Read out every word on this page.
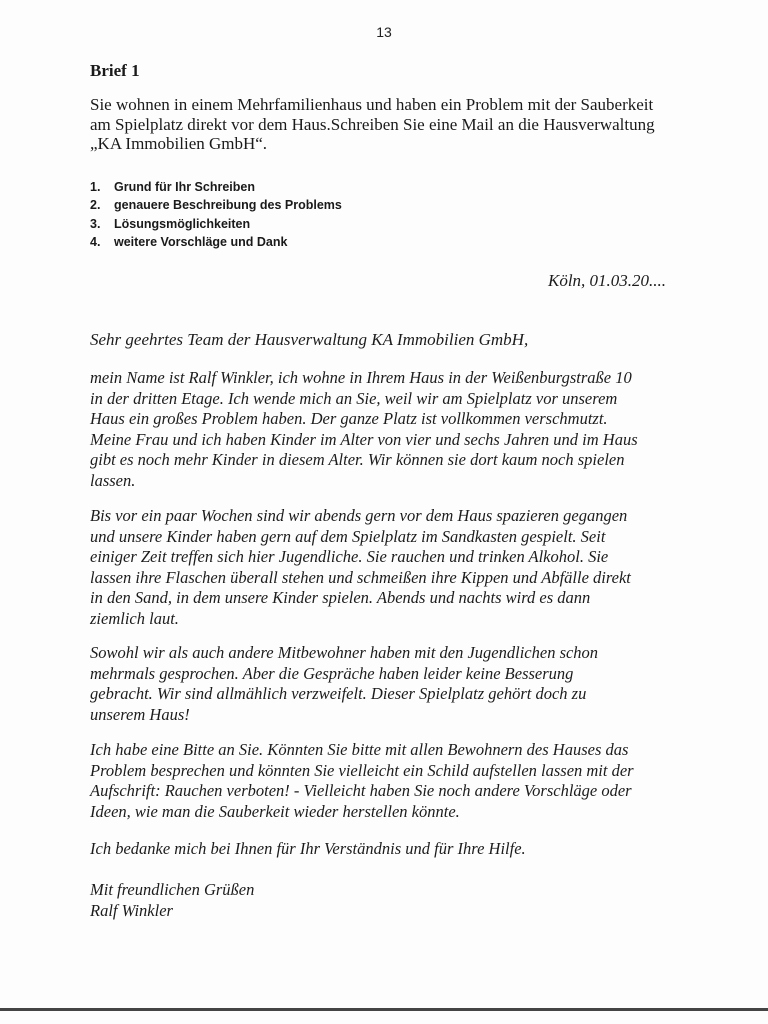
13
Brief 1

Sie wohnen in einem Mehrfamilienhaus und haben ein Problem mit der Sauberkeit

am Spielplatz direkt vor dem Haus.Schreiben Sie eine Mail an die Hausverwaltung

„KA Immobilien GmbH“.

1.	Grund für Ihr Schreiben
2.	genauere Beschreibung des Problems
3.	Lösungsmöglichkeiten
4.	weitere Vorschläge und Dank
Köln, 01.03.20....
Sehr geehrtes Team der Hausverwaltung KA Immobilien GmbH,
mein Name ist Ralf Winkler, ich wohne in Ihrem Haus in der Weißenburgstraße 10
in der dritten Etage. Ich wende mich an Sie, weil wir am Spielplatz vor unserem
Haus ein großes Problem haben. Der ganze Platz ist vollkommen verschmutzt.
Meine Frau und ich haben Kinder im Alter von vier und sechs Jahren und im Haus
gibt es noch mehr Kinder in diesem Alter. Wir können sie dort kaum noch spielen
lassen.
Bis vor ein paar Wochen sind wir abends gern vor dem Haus spazieren gegangen
und unsere Kinder haben gern auf dem Spielplatz im Sandkasten gespielt. Seit
einiger Zeit treffen sich hier Jugendliche. Sie rauchen und trinken Alkohol. Sie
lassen ihre Flaschen überall stehen und schmeißen ihre Kippen und Abfälle direkt
in den Sand, in dem unsere Kinder spielen. Abends und nachts wird es dann
ziemlich laut.
Sowohl wir als auch andere Mitbewohner haben mit den Jugendlichen schon
mehrmals gesprochen. Aber die Gespräche haben leider keine Besserung
gebracht. Wir sind allmählich verzweifelt. Dieser Spielplatz gehört doch zu
unserem Haus!
Ich habe eine Bitte an Sie. Könnten Sie bitte mit allen Bewohnern des Hauses das
Problem besprechen und könnten Sie vielleicht ein Schild aufstellen lassen mit der
Aufschrift: Rauchen verboten! - Vielleicht haben Sie noch andere Vorschläge oder
Ideen, wie man die Sauberkeit wieder herstellen könnte.
Ich bedanke mich bei Ihnen für Ihr Verständnis und für Ihre Hilfe.
Mit freundlichen Grüßen
Ralf Winkler
